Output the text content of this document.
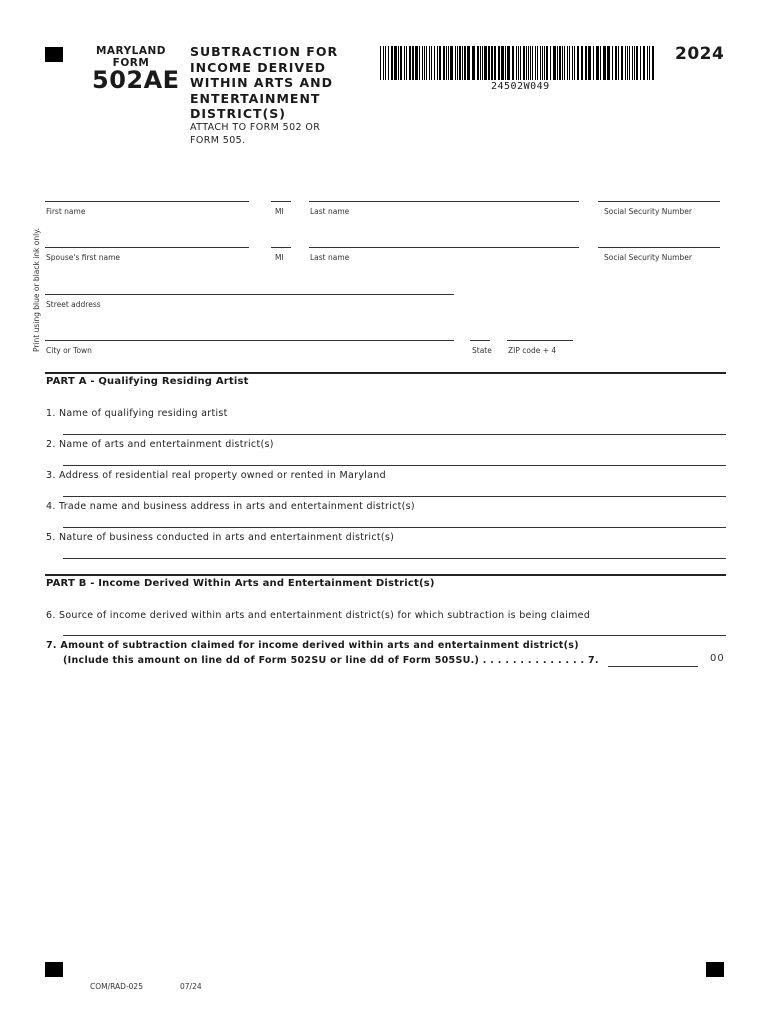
MARYLAND
FORM
502AE
SUBTRACTION FOR
INCOME DERIVED
WITHIN ARTS AND
ENTERTAINMENT
DISTRICT(S)
ATTACH TO FORM 502 OR
FORM 505.
24502W049
2024
Print using blue or black ink only.
First name	MI	Last name	Social Security Number
Spouse's first name	MI	Last name	Social Security Number
Street address
City or Town	State ZIP code + 4
PART A - Qualifying Residing Artist
1. Name of qualifying residing artist
2. Name of arts and entertainment district(s)
3. Address of residential real property owned or rented in Maryland
4. Trade name and business address in arts and entertainment district(s)
5. Nature of business conducted in arts and entertainment district(s)
PART B - Income Derived Within Arts and Entertainment District(s)
6. Source of income derived within arts and entertainment district(s) for which subtraction is being claimed
7. Amount of subtraction claimed for income derived within arts and entertainment district(s)
(Include this amount on line dd of Form 502SU or line dd of Form 505SU.) . . . . . . . . . . . . . . 7.	00
COM/RAD-025	07/24
